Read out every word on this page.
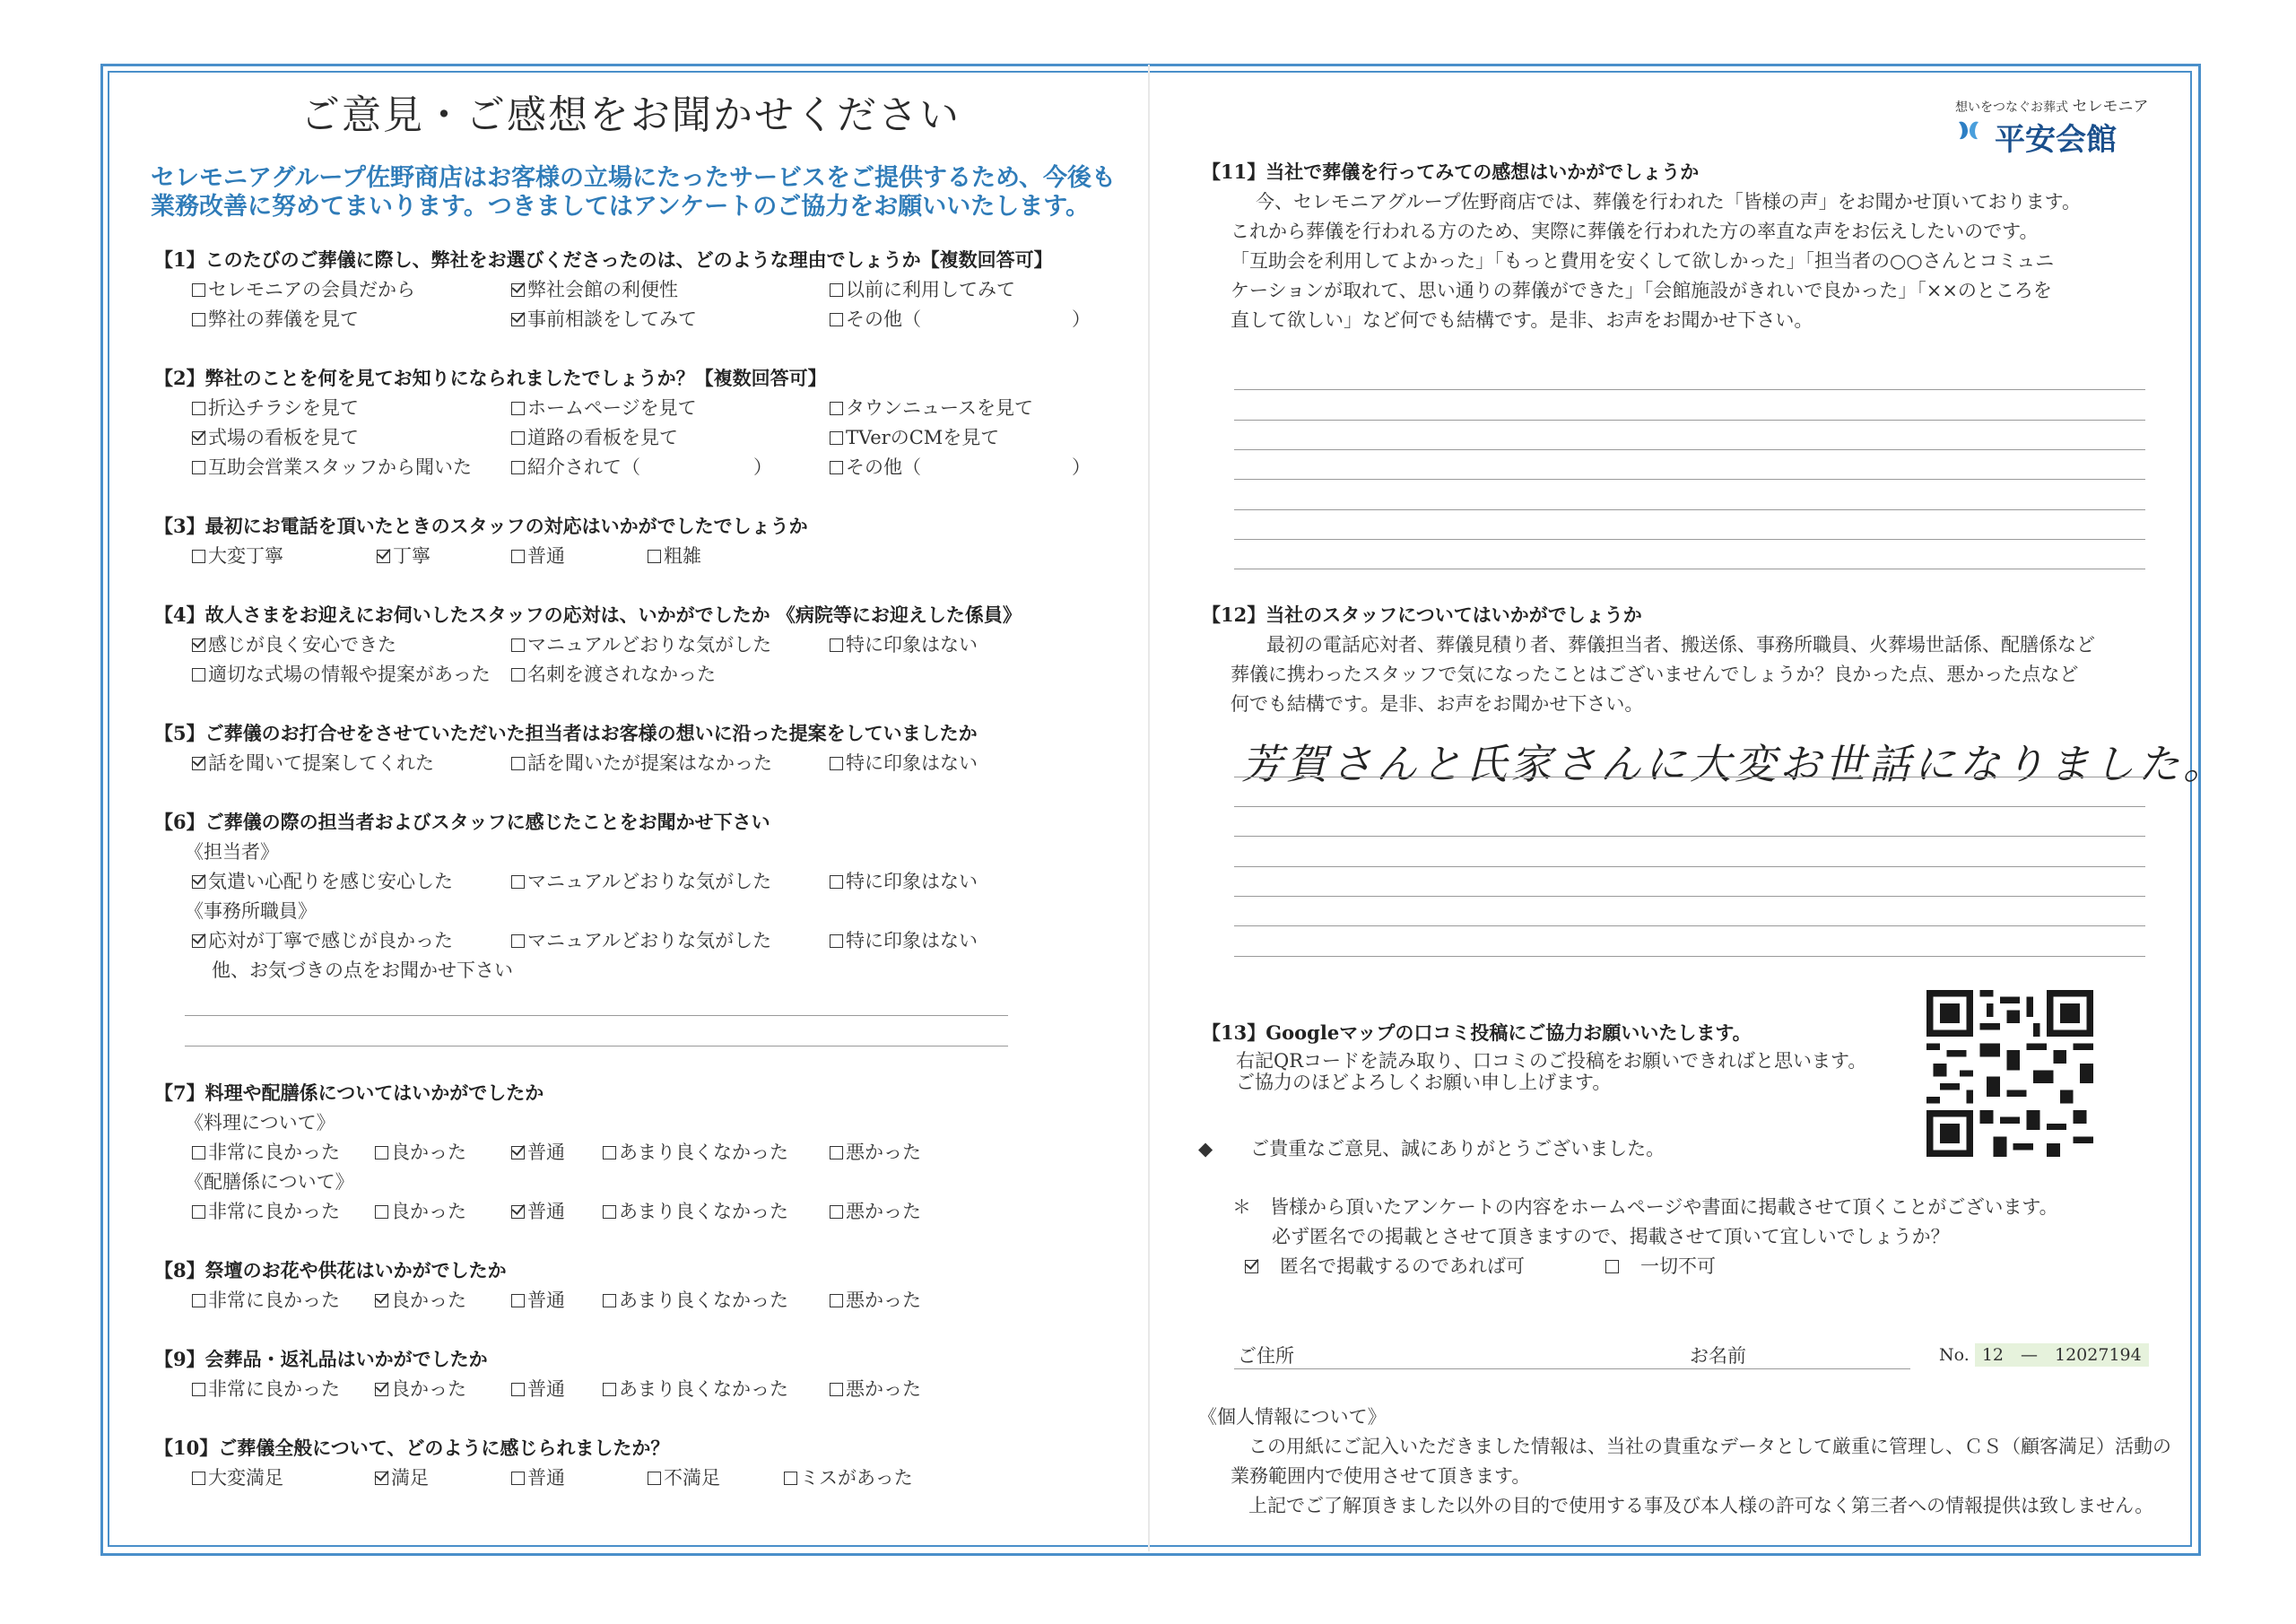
ご意見・ご感想をお聞かせください
セレモニアグループ佐野商店はお客様の立場にたったサービスをご提供するため、今後も
業務改善に努めてまいります。つきましてはアンケートのご協力をお願いいたします。
【1】このたびのご葬儀に際し、弊社をお選びくださったのは、どのような理由でしょうか【複数回答可】
セレモニアの会員だから	弊社会館の利便性	以前に利用してみて
弊社の葬儀を見て	事前相談をしてみて	その他（　　　　　　　　）
【2】弊社のことを何を見てお知りになられましたでしょうか？【複数回答可】
折込チラシを見て	ホームページを見て	タウンニュースを見て
式場の看板を見て	道路の看板を見て	TVerのCMを見て
互助会営業スタッフから聞いた	紹介されて（　　　　　　）	その他（　　　　　　　　）
【3】最初にお電話を頂いたときのスタッフの対応はいかがでしたでしょうか
大変丁寧	丁寧	普通	粗雑
【4】故人さまをお迎えにお伺いしたスタッフの応対は、いかがでしたか 《病院等にお迎えした係員》
感じが良く安心できた	マニュアルどおりな気がした	特に印象はない
適切な式場の情報や提案があった	名刺を渡されなかった
【5】ご葬儀のお打合せをさせていただいた担当者はお客様の想いに沿った提案をしていましたか
話を聞いて提案してくれた	話を聞いたが提案はなかった	特に印象はない
【6】ご葬儀の際の担当者およびスタッフに感じたことをお聞かせ下さい
《担当者》
気遣い心配りを感じ安心した	マニュアルどおりな気がした	特に印象はない
《事務所職員》
応対が丁寧で感じが良かった	マニュアルどおりな気がした	特に印象はない
他、お気づきの点をお聞かせ下さい
【7】料理や配膳係についてはいかがでしたか
《料理について》
非常に良かった	良かった	普通	あまり良くなかった	悪かった
《配膳係について》
非常に良かった	良かった	普通	あまり良くなかった	悪かった
【8】祭壇のお花や供花はいかがでしたか
非常に良かった	良かった	普通	あまり良くなかった	悪かった
【9】会葬品・返礼品はいかがでしたか
非常に良かった	良かった	普通	あまり良くなかった	悪かった
【10】ご葬儀全般について、どのように感じられましたか？
大変満足	満足	普通	不満足	ミスがあった
想いをつなぐお葬式 セレモニア
平安会館
【11】当社で葬儀を行ってみての感想はいかがでしょうか
今、セレモニアグループ佐野商店では、葬儀を行われた「皆様の声」をお聞かせ頂いております。
これから葬儀を行われる方のため、実際に葬儀を行われた方の率直な声をお伝えしたいのです。
「互助会を利用してよかった」「もっと費用を安くして欲しかった」「担当者の○○さんとコミュニ
ケーションが取れて、思い通りの葬儀ができた」「会館施設がきれいで良かった」「××のところを
直して欲しい」など何でも結構です。是非、お声をお聞かせ下さい。
【12】当社のスタッフについてはいかがでしょうか
最初の電話応対者、葬儀見積り者、葬儀担当者、搬送係、事務所職員、火葬場世話係、配膳係など
葬儀に携わったスタッフで気になったことはございませんでしょうか？良かった点、悪かった点など
何でも結構です。是非、お声をお聞かせ下さい。
芳賀さんと氏家さんに大変お世話になりました。
【13】Googleマップの口コミ投稿にご協力お願いいたします。
右記QRコードを読み取り、口コミのご投稿をお願いできればと思います。
ご協力のほどよろしくお願い申し上げます。
◆　　ご貴重なご意見、誠にありがとうございました。
＊　皆様から頂いたアンケートの内容をホームページや書面に掲載させて頂くことがございます。
必ず匿名での掲載とさせて頂きますので、掲載させて頂いて宜しいでしょうか？
　匿名で掲載するのであれば可
　	一切不可
ご住所	お名前	No. 12　—　12027194
《個人情報について》
この用紙にご記入いただきました情報は、当社の貴重なデータとして厳重に管理し、ＣＳ（顧客満足）活動の
業務範囲内で使用させて頂きます。
上記でご了解頂きました以外の目的で使用する事及び本人様の許可なく第三者への情報提供は致しません。
